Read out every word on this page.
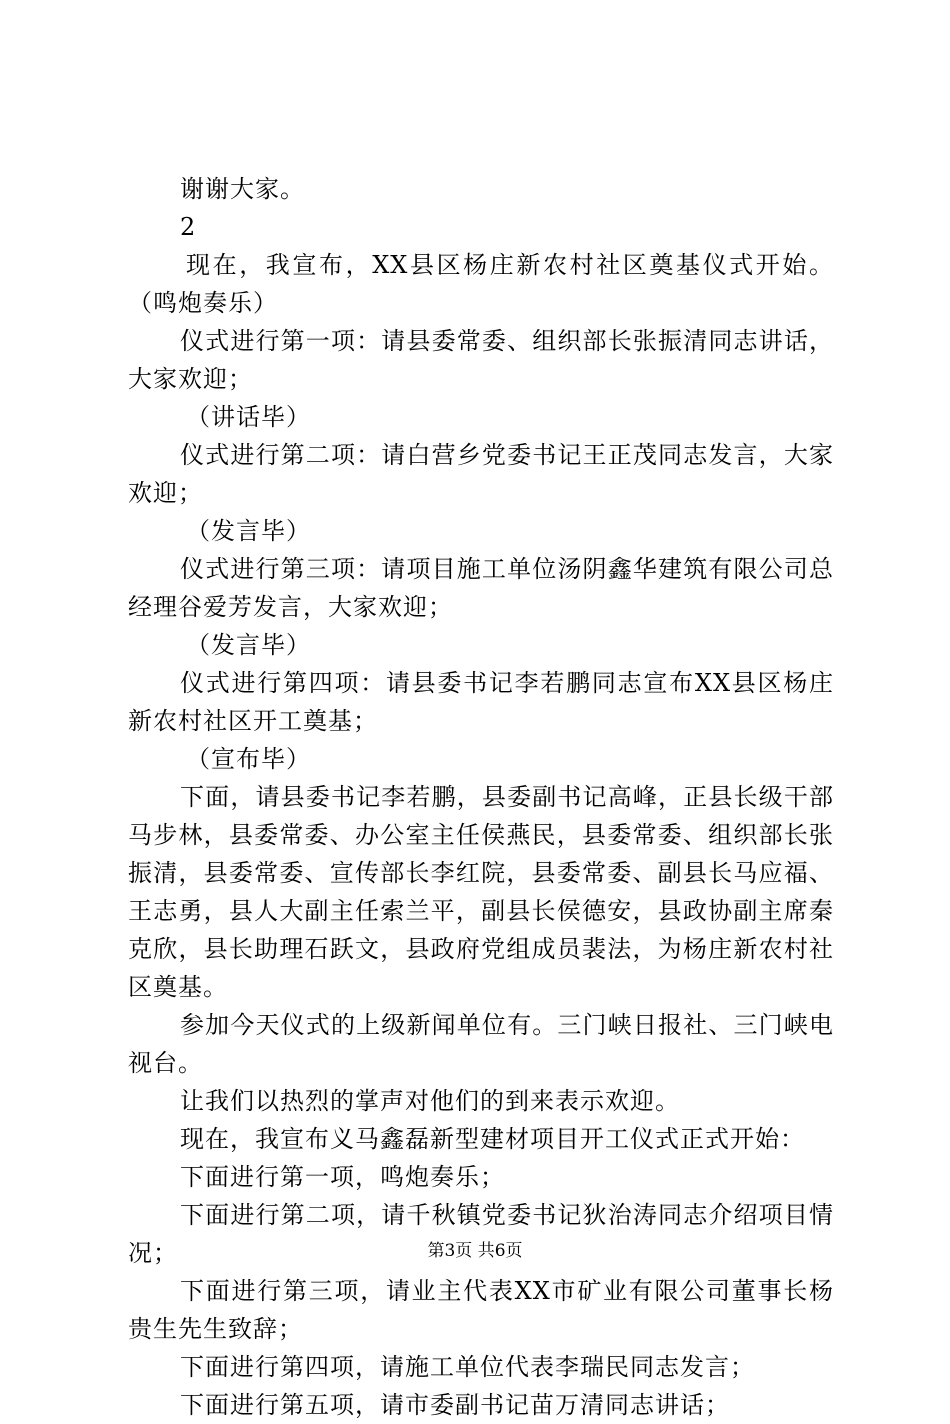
谢谢大家。

2

现在，我宣布，XX县区杨庄新农村社区奠基仪式开始。（鸣炮奏乐）

仪式进行第一项：请县委常委、组织部长张振清同志讲话，大家欢迎；

（讲话毕）

仪式进行第二项：请白营乡党委书记王正茂同志发言，大家欢迎；

（发言毕）

仪式进行第三项：请项目施工单位汤阴鑫华建筑有限公司总经理谷爱芳发言，大家欢迎；

（发言毕）

仪式进行第四项：请县委书记李若鹏同志宣布XX县区杨庄新农村社区开工奠基；

（宣布毕）

下面，请县委书记李若鹏，县委副书记高峰，正县长级干部马步林，县委常委、办公室主任侯燕民，县委常委、组织部长张振清，县委常委、宣传部长李红院，县委常委、副县长马应福、王志勇，县人大副主任索兰平，副县长侯德安，县政协副主席秦克欣，县长助理石跃文，县政府党组成员裴法，为杨庄新农村社区奠基。

参加今天仪式的上级新闻单位有。三门峡日报社、三门峡电视台。

让我们以热烈的掌声对他们的到来表示欢迎。

现在，我宣布义马鑫磊新型建材项目开工仪式正式开始：

下面进行第一项，鸣炮奏乐；

下面进行第二项，请千秋镇党委书记狄治涛同志介绍项目情况；

下面进行第三项，请业主代表XX市矿业有限公司董事长杨贵生先生致辞；

下面进行第四项，请施工单位代表李瑞民同志发言；

下面进行第五项，请市委副书记苗万清同志讲话；

第3页 共6页
